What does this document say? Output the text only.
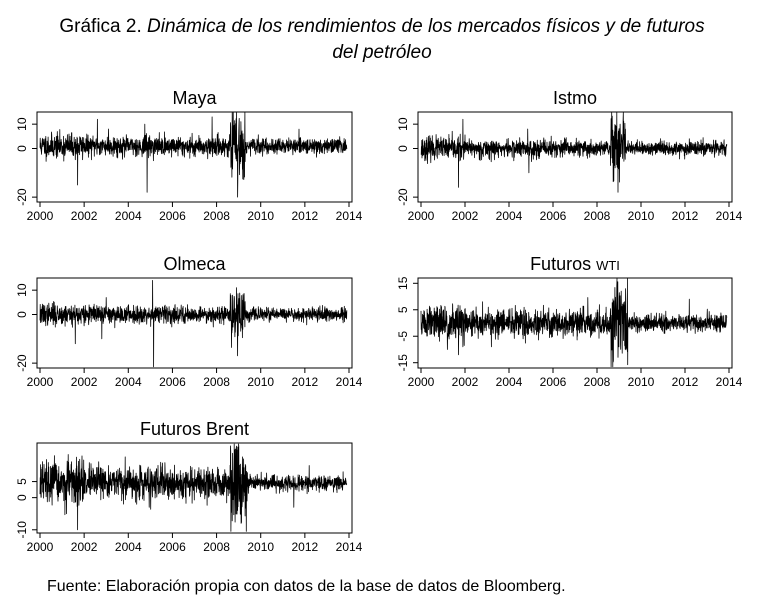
Gráfica 2. Dinámica de los rendimientos de los mercados físicos y de futuros
del petróleo
Maya
2000 2002 2004 2006 2008 2010 2012 2014
-20
0
10
Istmo
2000 2002 2004 2006 2008 2010 2012 2014
-20
0
10
Olmeca
2000 2002 2004 2006 2008 2010 2012 2014
-20
0
10
Futuros WTI
2000 2002 2004 2006 2008 2010 2012 2014
-15
-5
5
15
Futuros Brent
2000 2002 2004 2006 2008 2010 2012 2014
-10
0
5
Fuente: Elaboración propia con datos de la base de datos de Bloomberg.
